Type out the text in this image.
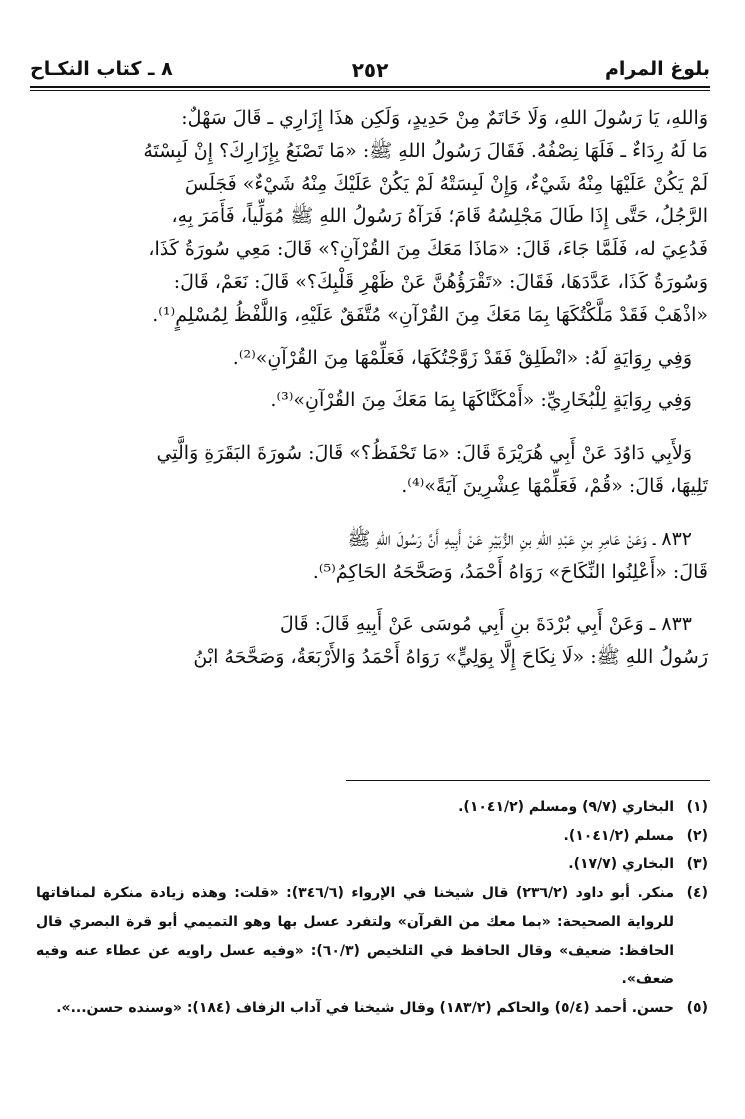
بلوغ المرام
٢٥٢
٨ ـ كتاب النكـاح

وَاللهِ، يَا رَسُولَ اللهِ، وَلَا خَاتَمٌ مِنْ حَدِيدٍ، وَلَكِن هذَا إِزَارِي ـ قَالَ سَهْلٌ:

مَا لَهُ رِدَاءٌ ـ فَلَهَا نِصْفُهُ. فَقَالَ رَسُولُ اللهِ ﷺ: «مَا تَصْنَعُ بِإِزَارِكَ؟ إِنْ لَبِسْتَهُ

لَمْ يَكُنْ عَلَيْهَا مِنْهُ شَيْءٌ، وَإِنْ لَبِسَتْهُ لَمْ يَكُنْ عَلَيْكَ مِنْهُ شَيْءٌ» فَجَلَسَ

الرَّجُلُ، حَتَّى إِذَا طَالَ مَجْلِسُهُ قَامَ؛ فَرَآهُ رَسُولُ اللهِ ﷺ مُوَلِّياً، فَأَمَرَ بِهِ،

فَدُعِيَ له، فَلَمَّا جَاءَ، قَالَ: «مَاذَا مَعَكَ مِنَ القُرْآنِ؟» قَالَ: مَعِي سُورَةُ كَذَا،

وَسُورَةُ كَذَا، عَدَّدَهَا، فَقَالَ: «تَقْرَؤُهُنَّ عَنْ ظَهْرِ قَلْبِكَ؟» قَالَ: نَعَمْ، قَالَ:

«اذْهَبْ فَقَدْ مَلَّكْتُكَهَا بِمَا مَعَكَ مِنَ القُرْآنِ» مُتَّفَقٌ عَلَيْهِ، وَاللَّفْظُ لِمُسْلِمٍ⁽¹⁾.

وَفِي رِوَايَةٍ لَهُ: «انْطَلِقْ فَقَدْ زَوَّجْتُكَهَا، فَعَلِّمْهَا مِنَ القُرْآنِ»⁽²⁾.

وَفِي رِوَايَةٍ لِلْبُخَارِيِّ: «أَمْكَنَّاكَهَا بِمَا مَعَكَ مِنَ القُرْآنِ»⁽³⁾.

وَلأَبِي دَاوُدَ عَنْ أَبِي هُرَيْرَةَ قَالَ: «مَا تَحْفَظُ؟» قَالَ: سُورَةَ البَقَرَةِ وَالَّتِي

تَلِيهَا، قَالَ: «قُمْ، فَعَلِّمْهَا عِشْرِينَ آيَةً»⁽⁴⁾.

٨٣٢ ـ وَعَنْ عَامِرِ بنِ عَبْدِ اللهِ بنِ الزُّبَيْرِ عَنْ أَبِيهِ أَنَّ رَسُولَ اللهِ ﷺ

قَالَ: «أَعْلِنُوا النِّكَاحَ» رَوَاهُ أَحْمَدُ، وَصَحَّحَهُ الحَاكِمُ⁽⁵⁾.

٨٣٣ ـ وَعَنْ أَبِي بُرْدَةَ بنِ أَبِي مُوسَى عَنْ أَبِيهِ قَالَ: قَالَ

رَسُولُ اللهِ ﷺ: «لَا نِكَاحَ إِلَّا بِوَلِيٍّ» رَوَاهُ أَحْمَدُ وَالأَرْبَعَةُ، وَصَحَّحَهُ ابْنُ

(١)
البخاري (٩/٧) ومسلم (١٠٤١/٢).
(٢)
مسلم (١٠٤١/٢).
(٣)
البخاري (١٧/٧).
(٤)
منكر. أبو داود (٢٣٦/٢) قال شيخنا في الإرواء (٣٤٦/٦): «قلت: وهذه زيادة منكرة لمنافاتها للرواية الصحيحة: «بما معك من القرآن» ولتفرد عسل بها وهو التميمي أبو قرة البصري قال الحافظ: ضعيف» وقال الحافظ في التلخيص (٦٠/٣): «وفيه عسل راويه عن عطاء عنه وفيه ضعف».
(٥)
حسن. أحمد (٥/٤) والحاكم (١٨٣/٢) وقال شيخنا في آداب الزفاف (١٨٤): «وسنده حسن...».
